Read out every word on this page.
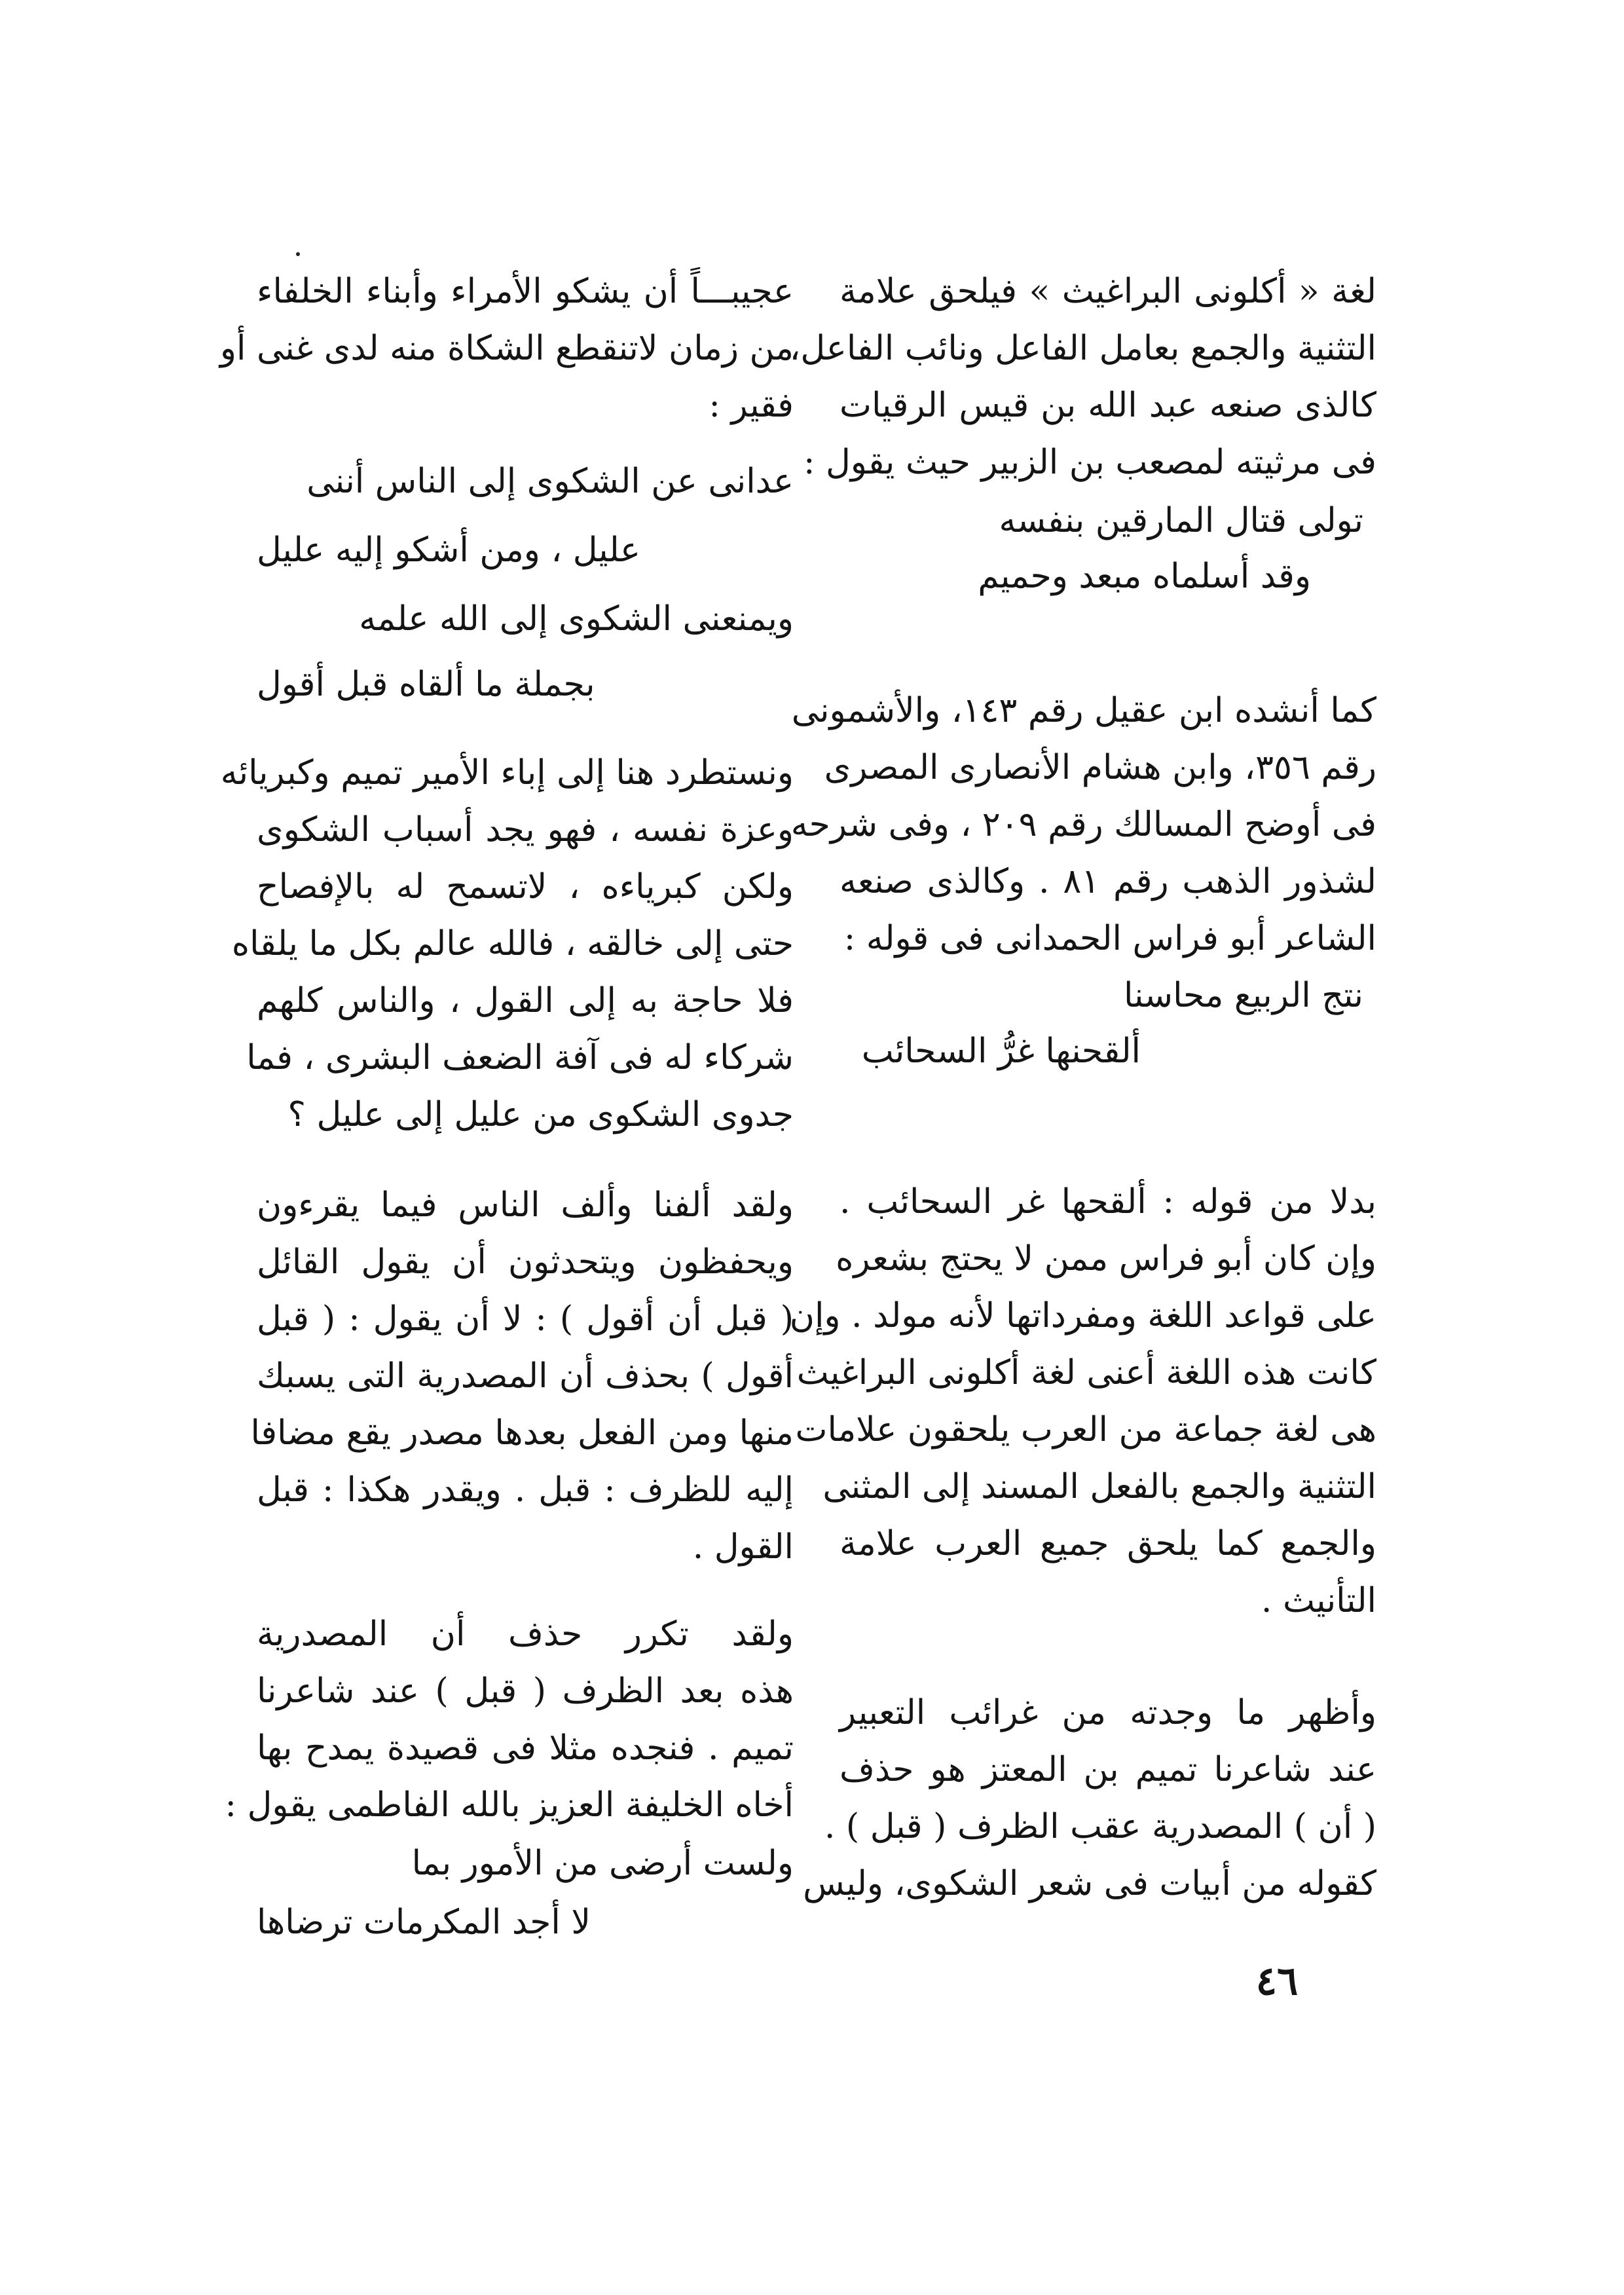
لغة « أكلونى البراغيث » فيلحق علامة
التثنية والجمع بعامل الفاعل ونائب الفاعل،
كالذى صنعه عبد الله بن قيس الرقيات
فى مرثيته لمصعب بن الزبير حيث يقول :
تولى قتال المارقين بنفسه
وقد أسلماه مبعد وحميم
كما أنشده ابن عقيل رقم ١٤٣، والأشمونى
رقم ٣٥٦، وابن هشام الأنصارى المصرى
فى أوضح المسالك رقم ٢٠٩ ، وفى شرحه
لشذور الذهب رقم ٨١ . وكالذى صنعه
الشاعر أبو فراس الحمدانى فى قوله :
نتج الربيع محاسنا
ألقحنها غرُّ السحائب
بدلا من قوله : ألقحها غر السحائب .
وإن كان أبو فراس ممن لا يحتج بشعره
على قواعد اللغة ومفرداتها لأنه مولد . وإن
كانت هذه اللغة أعنى لغة أكلونى البراغيث
هى لغة جماعة من العرب يلحقون علامات
التثنية والجمع بالفعل المسند إلى المثنى
والجمع كما يلحق جميع العرب علامة
التأنيث .
وأظهر ما وجدته من غرائب التعبير
عند شاعرنا تميم بن المعتز هو حذف
( أن ) المصدرية عقب الظرف ( قبل ) .
كقوله من أبيات فى شعر الشكوى، وليس
عجيبـــاً أن يشكو الأمراء وأبناء الخلفاء
من زمان لاتنقطع الشكاة منه لدى غنى أو
فقير :
عدانى عن الشكوى إلى الناس أننى
عليل ، ومن أشكو إليه عليل
ويمنعنى الشكوى إلى الله علمه
بجملة ما ألقاه قبل أقول
ونستطرد هنا إلى إباء الأمير تميم وكبريائه
وعزة نفسه ، فهو يجد أسباب الشكوى
ولكن كبرياءه ، لاتسمح له بالإفصاح
حتى إلى خالقه ، فالله عالم بكل ما يلقاه
فلا حاجة به إلى القول ، والناس كلهم
شركاء له فى آفة الضعف البشرى ، فما
جدوى الشكوى من عليل إلى عليل ؟
ولقد ألفنا وألف الناس فيما يقرءون
ويحفظون ويتحدثون أن يقول القائل
( قبل أن أقول ) : لا أن يقول : ( قبل
أقول ) بحذف أن المصدرية التى يسبك
منها ومن الفعل بعدها مصدر يقع مضافا
إليه للظرف : قبل . ويقدر هكذا : قبل
القول .
ولقد تكرر حذف أن المصدرية
هذه بعد الظرف ( قبل ) عند شاعرنا
تميم . فنجده مثلا فى قصيدة يمدح بها
أخاه الخليفة العزيز بالله الفاطمى يقول :
ولست أرضى من الأمور بما
لا أجد المكرمات ترضاها
٤٦
